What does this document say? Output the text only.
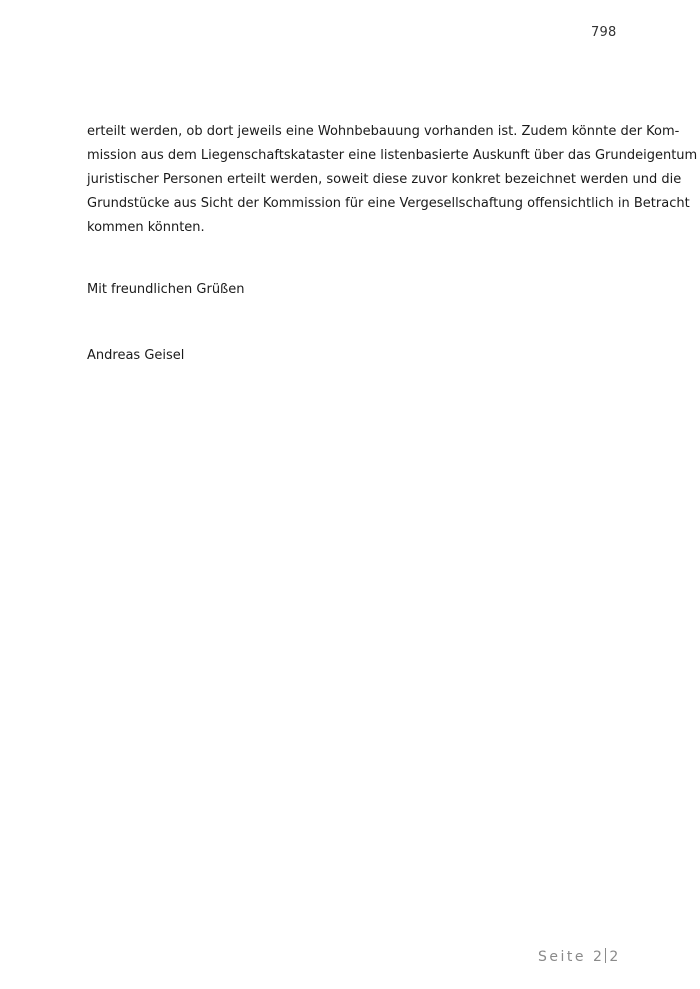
798

erteilt werden, ob dort jeweils eine Wohnbebauung vorhanden ist. Zudem könnte der Kom-
mission aus dem Liegenschaftskataster eine listenbasierte Auskunft über das Grundeigentum
juristischer Personen erteilt werden, soweit diese zuvor konkret bezeichnet werden und die
Grundstücke aus Sicht der Kommission für eine Vergesellschaftung offensichtlich in Betracht
kommen könnten.

Mit freundlichen Grüßen

Andreas Geisel

Seite 2 2
